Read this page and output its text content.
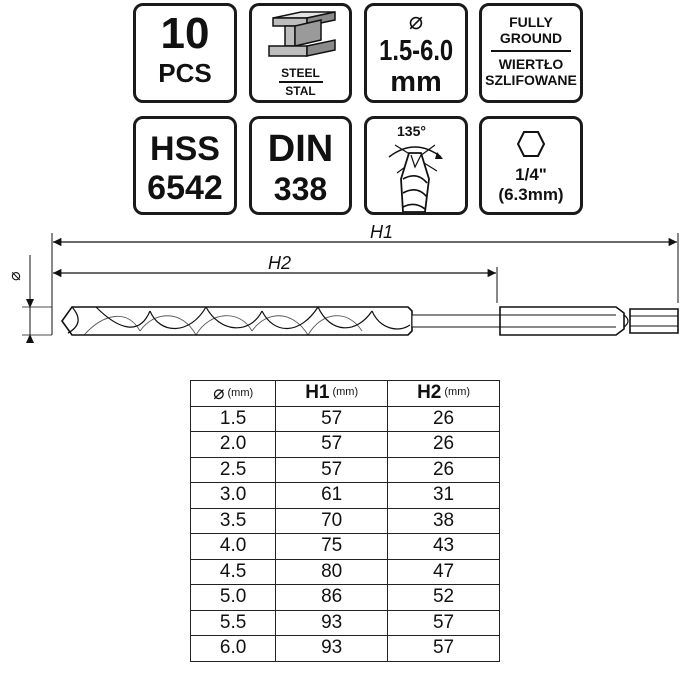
10
PCS	STEEL
STAL
⌀
1.5-6.0
mm
FULLY
GROUND
WIERTŁO
SZLIFOWANE
HSS
6542
DIN
338
135°
1/4"
(6.3mm)
H1
H2
⌀
⌀ (mm)	H1 (mm)	H2 (mm)
1.5	57	26
2.0	57	26
2.5	57	26
3.0	61	31
3.5	70	38
4.0	75	43
4.5	80	47
5.0	86	52
5.5	93	57
6.0	93	57
